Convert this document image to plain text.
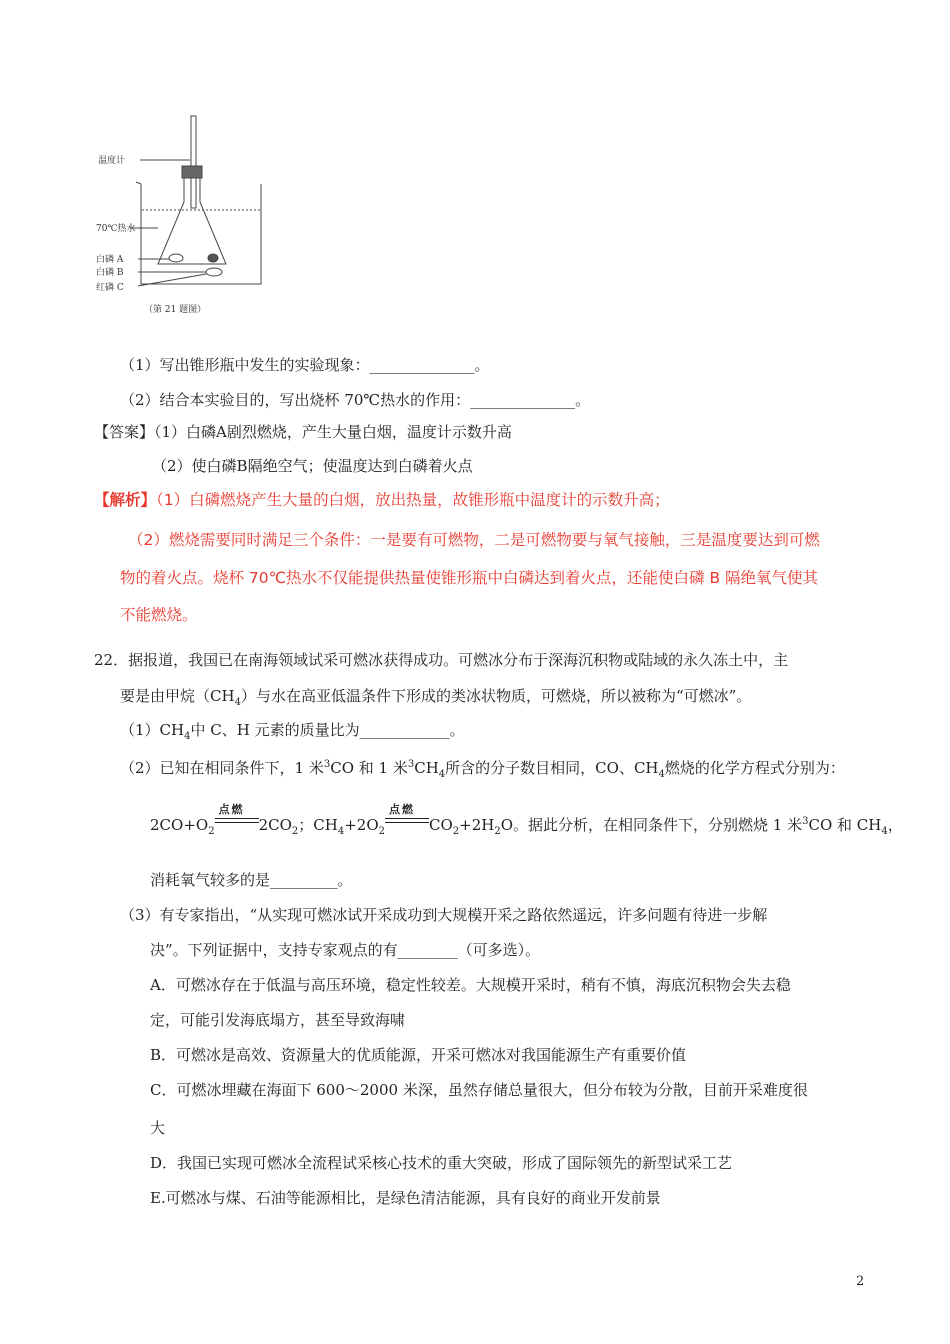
温度计
70℃热水
白磷 A
白磷 B
红磷 C
（第 21 题图）
（1）写出锥形瓶中发生的实验现象：______________。
（2）结合本实验目的，写出烧杯 70℃热水的作用：______________。
【答案】（1）白磷A剧烈燃烧，产生大量白烟，温度计示数升高
（2）使白磷B隔绝空气；使温度达到白磷着火点
【解析】（1）白磷燃烧产生大量的白烟，放出热量，故锥形瓶中温度计的示数升高；
（2）燃烧需要同时满足三个条件：一是要有可燃物，二是可燃物要与氧气接触，三是温度要达到可燃
物的着火点。烧杯 70℃热水不仅能提供热量使锥形瓶中白磷达到着火点，还能使白磷 B 隔绝氧气使其
不能燃烧。
22．据报道，我国已在南海领域试采可燃冰获得成功。可燃冰分布于深海沉积物或陆域的永久冻土中，主
要是由甲烷$(CH_4)$与水在高亚低温条件下形成的类冰状物质，可燃烧，所以被称为“可燃冰”。
$(1)CH_4$中 C、H 元素的质量比为____________。
（2）已知在相同条件下，1 米$^3$CO 和 1 米$^3CH_4$所含的分子数目相同，CO、$CH_4$燃烧的化学方程式分别为：
$2CO+O_2$
点燃
$2CO_2$；$CH_4+2O_2$
点燃
$CO_2+2H_2O$。据此分析，在相同条件下，分别燃烧 1 米$^3$CO 和 $CH_4$，
消耗氧气较多的是_________。
（3）有专家指出，“从实现可燃冰试开采成功到大规模开采之路依然遥远，许多问题有待进一步解
决”。下列证据中，支持专家观点的有________（可多选）。
A．可燃冰存在于低温与高压环境，稳定性较差。大规模开采时，稍有不慎，海底沉积物会失去稳
定，可能引发海底塌方，甚至导致海啸
B．可燃冰是高效、资源量大的优质能源，开采可燃冰对我国能源生产有重要价值
C．可燃冰埋藏在海面下 600～2000 米深，虽然存储总量很大，但分布较为分散，目前开采难度很
大
D．我国已实现可燃冰全流程试采核心技术的重大突破，形成了国际领先的新型试采工艺
E.可燃冰与煤、石油等能源相比，是绿色清洁能源，具有良好的商业开发前景
2
